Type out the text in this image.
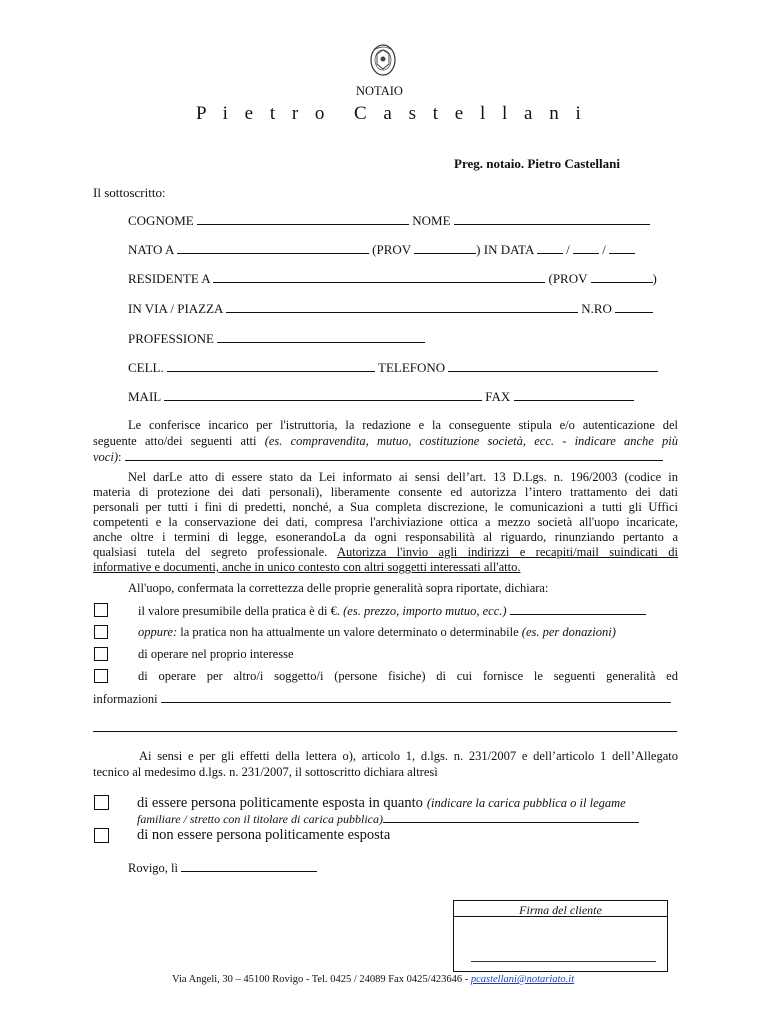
NOTAIO
P i e t r o C a s t e l l a n i
Preg. notaio. Pietro Castellani
Il sottoscritto:
COGNOME	NOME
NATO A	(PROV	) IN DATA	/	/
RESIDENTE A	(PROV	)
IN VIA / PIAZZA	N.RO
PROFESSIONE
CELL.	TELEFONO
MAIL	FAX
Le conferisce incarico per l'istruttoria, la redazione e la conseguente stipula e/o autenticazione del
seguente atto/dei seguenti atti (es. compravendita, mutuo, costituzione società, ecc. - indicare anche più
voci):
Nel darLe atto di essere stato da Lei informato ai sensi dell’art. 13 D.Lgs. n. 196/2003 (codice in
materia di protezione dei dati personali), liberamente consente ed autorizza l’intero trattamento dei dati
personali per tutti i fini di predetti, nonché, a Sua completa discrezione, le comunicazioni a tutti gli Uffici
competenti e la conservazione dei dati, compresa l'archiviazione ottica a mezzo società all'uopo incaricate,
anche oltre i termini di legge, esonerandoLa da ogni responsabilità al riguardo, rinunziando pertanto a
qualsiasi tutela del segreto professionale. Autorizza l'invio agli indirizzi e recapiti/mail suindicati di
informative e documenti, anche in unico contesto con altri soggetti interessati all'atto.
All'uopo, confermata la correttezza delle proprie generalità sopra riportate, dichiara:
il valore presumibile della pratica è di €. (es. prezzo, importo mutuo, ecc.)
oppure: la pratica non ha attualmente un valore determinato o determinabile (es. per donazioni)
di operare nel proprio interesse
di operare per altro/i soggetto/i (persone fisiche) di cui fornisce le seguenti generalità ed
informazioni
Ai sensi e per gli effetti della lettera o), articolo 1, d.lgs. n. 231/2007 e dell’articolo 1 dell’Allegato
tecnico al medesimo d.lgs. n. 231/2007, il sottoscritto dichiara altresì
di essere persona politicamente esposta in quanto (indicare la carica pubblica o il legame
familiare / stretto con il titolare di carica pubblica)
di non essere persona politicamente esposta
Rovigo, lì
Firma del cliente
Via Angeli, 30 – 45100 Rovigo - Tel. 0425 / 24089 Fax 0425/423646 - pcastellani@notariato.it
